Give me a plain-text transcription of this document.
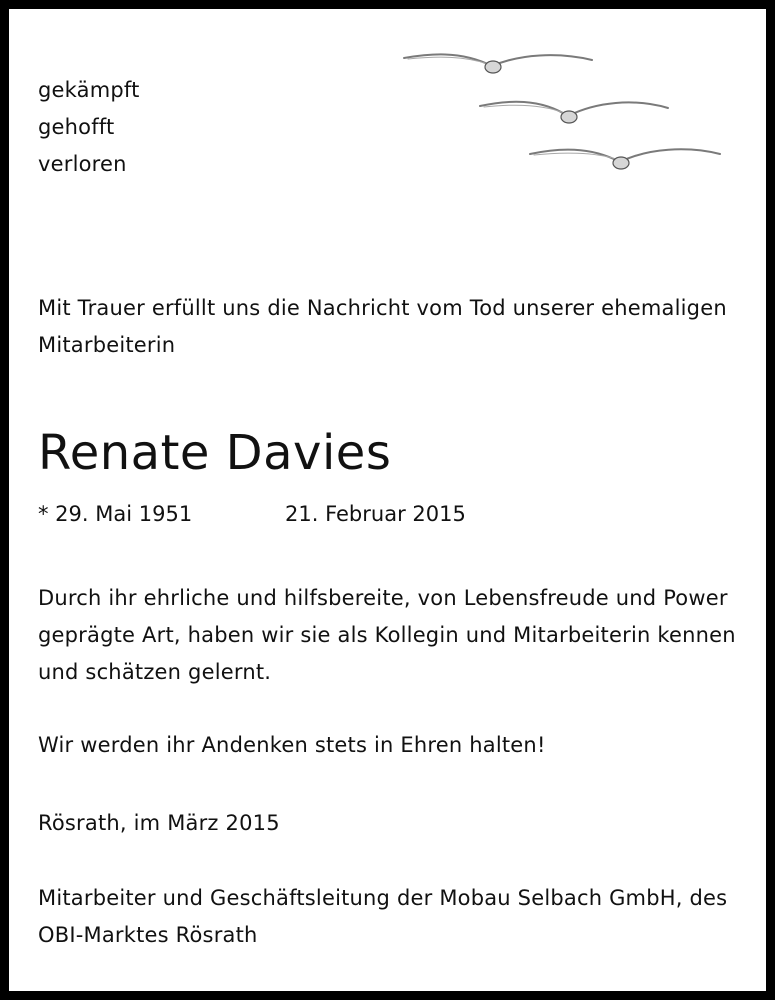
gekämpft
gehofft
verloren
Mit Trauer erfüllt uns die Nachricht vom Tod unserer ehemaligen Mitarbeiterin
Renate Davies
* 29. Mai 1951	21. Februar 2015
Durch ihr ehrliche und hilfsbereite, von Lebensfreude und Power geprägte Art, haben wir sie als Kollegin und Mitarbeiterin kennen und schätzen gelernt.
Wir werden ihr Andenken stets in Ehren halten!
Rösrath, im März 2015
Mitarbeiter und Geschäftsleitung der Mobau Selbach GmbH, des OBI-Marktes Rösrath
